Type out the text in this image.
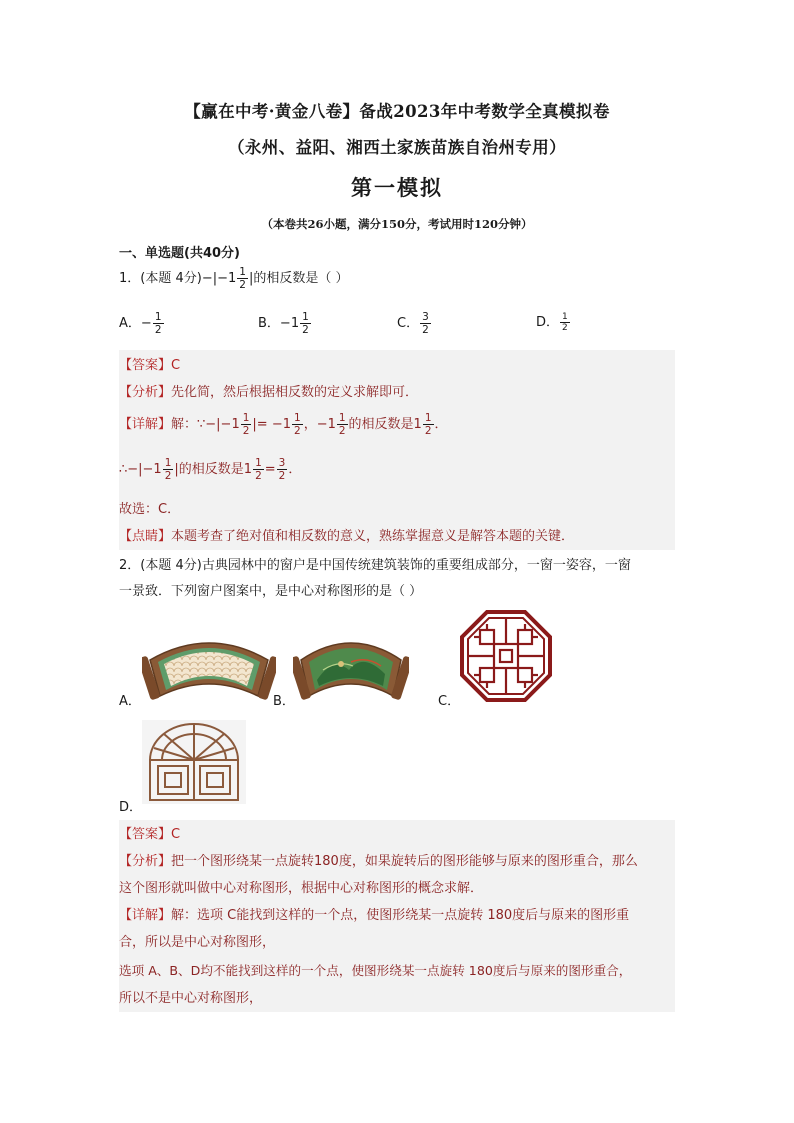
【赢在中考·黄金八卷】备战2023年中考数学全真模拟卷
（永州、益阳、湘西土家族苗族自治州专用）
第一模拟
（本卷共26小题，满分150分，考试用时120分钟）
一、单选题(共40分)
1．(本题 4分)$-|-1 \frac{1}{2}$ |的相反数是（ ）
A．− $\frac{1}{2}$	B．$-1 \frac{1}{2}$	C． $\frac{3}{2}$	D． $\frac{1}{2}$
【答案】C
【分析】先化简，然后根据相反数的定义求解即可．
【详解】解：∵−|−1 $\frac{1}{2}$ |= $-1 \frac{1}{2}$ ，$-1 \frac{1}{2}$ 的相反数是$1 \frac{1}{2}$ ．
∴−|−1 $\frac{1}{2}$ |的相反数是$1 \frac{1}{2} = \frac{3}{2}$ ．
故选：C．
【点睛】本题考查了绝对值和相反数的意义，熟练掌握意义是解答本题的关键．
2．(本题 4分)古典园林中的窗户是中国传统建筑装饰的重要组成部分，一窗一姿容，一窗
一景致．下列窗户图案中，是中心对称图形的是（ ）
A．	B．	C．
D．
【答案】C
【分析】把一个图形绕某一点旋转180度，如果旋转后的图形能够与原来的图形重合，那么
这个图形就叫做中心对称图形，根据中心对称图形的概念求解．
【详解】解：选项 C能找到这样的一个点，使图形绕某一点旋转 180度后与原来的图形重
合，所以是中心对称图形，
选项 A、B、D均不能找到这样的一个点，使图形绕某一点旋转 180度后与原来的图形重合，
所以不是中心对称图形，
